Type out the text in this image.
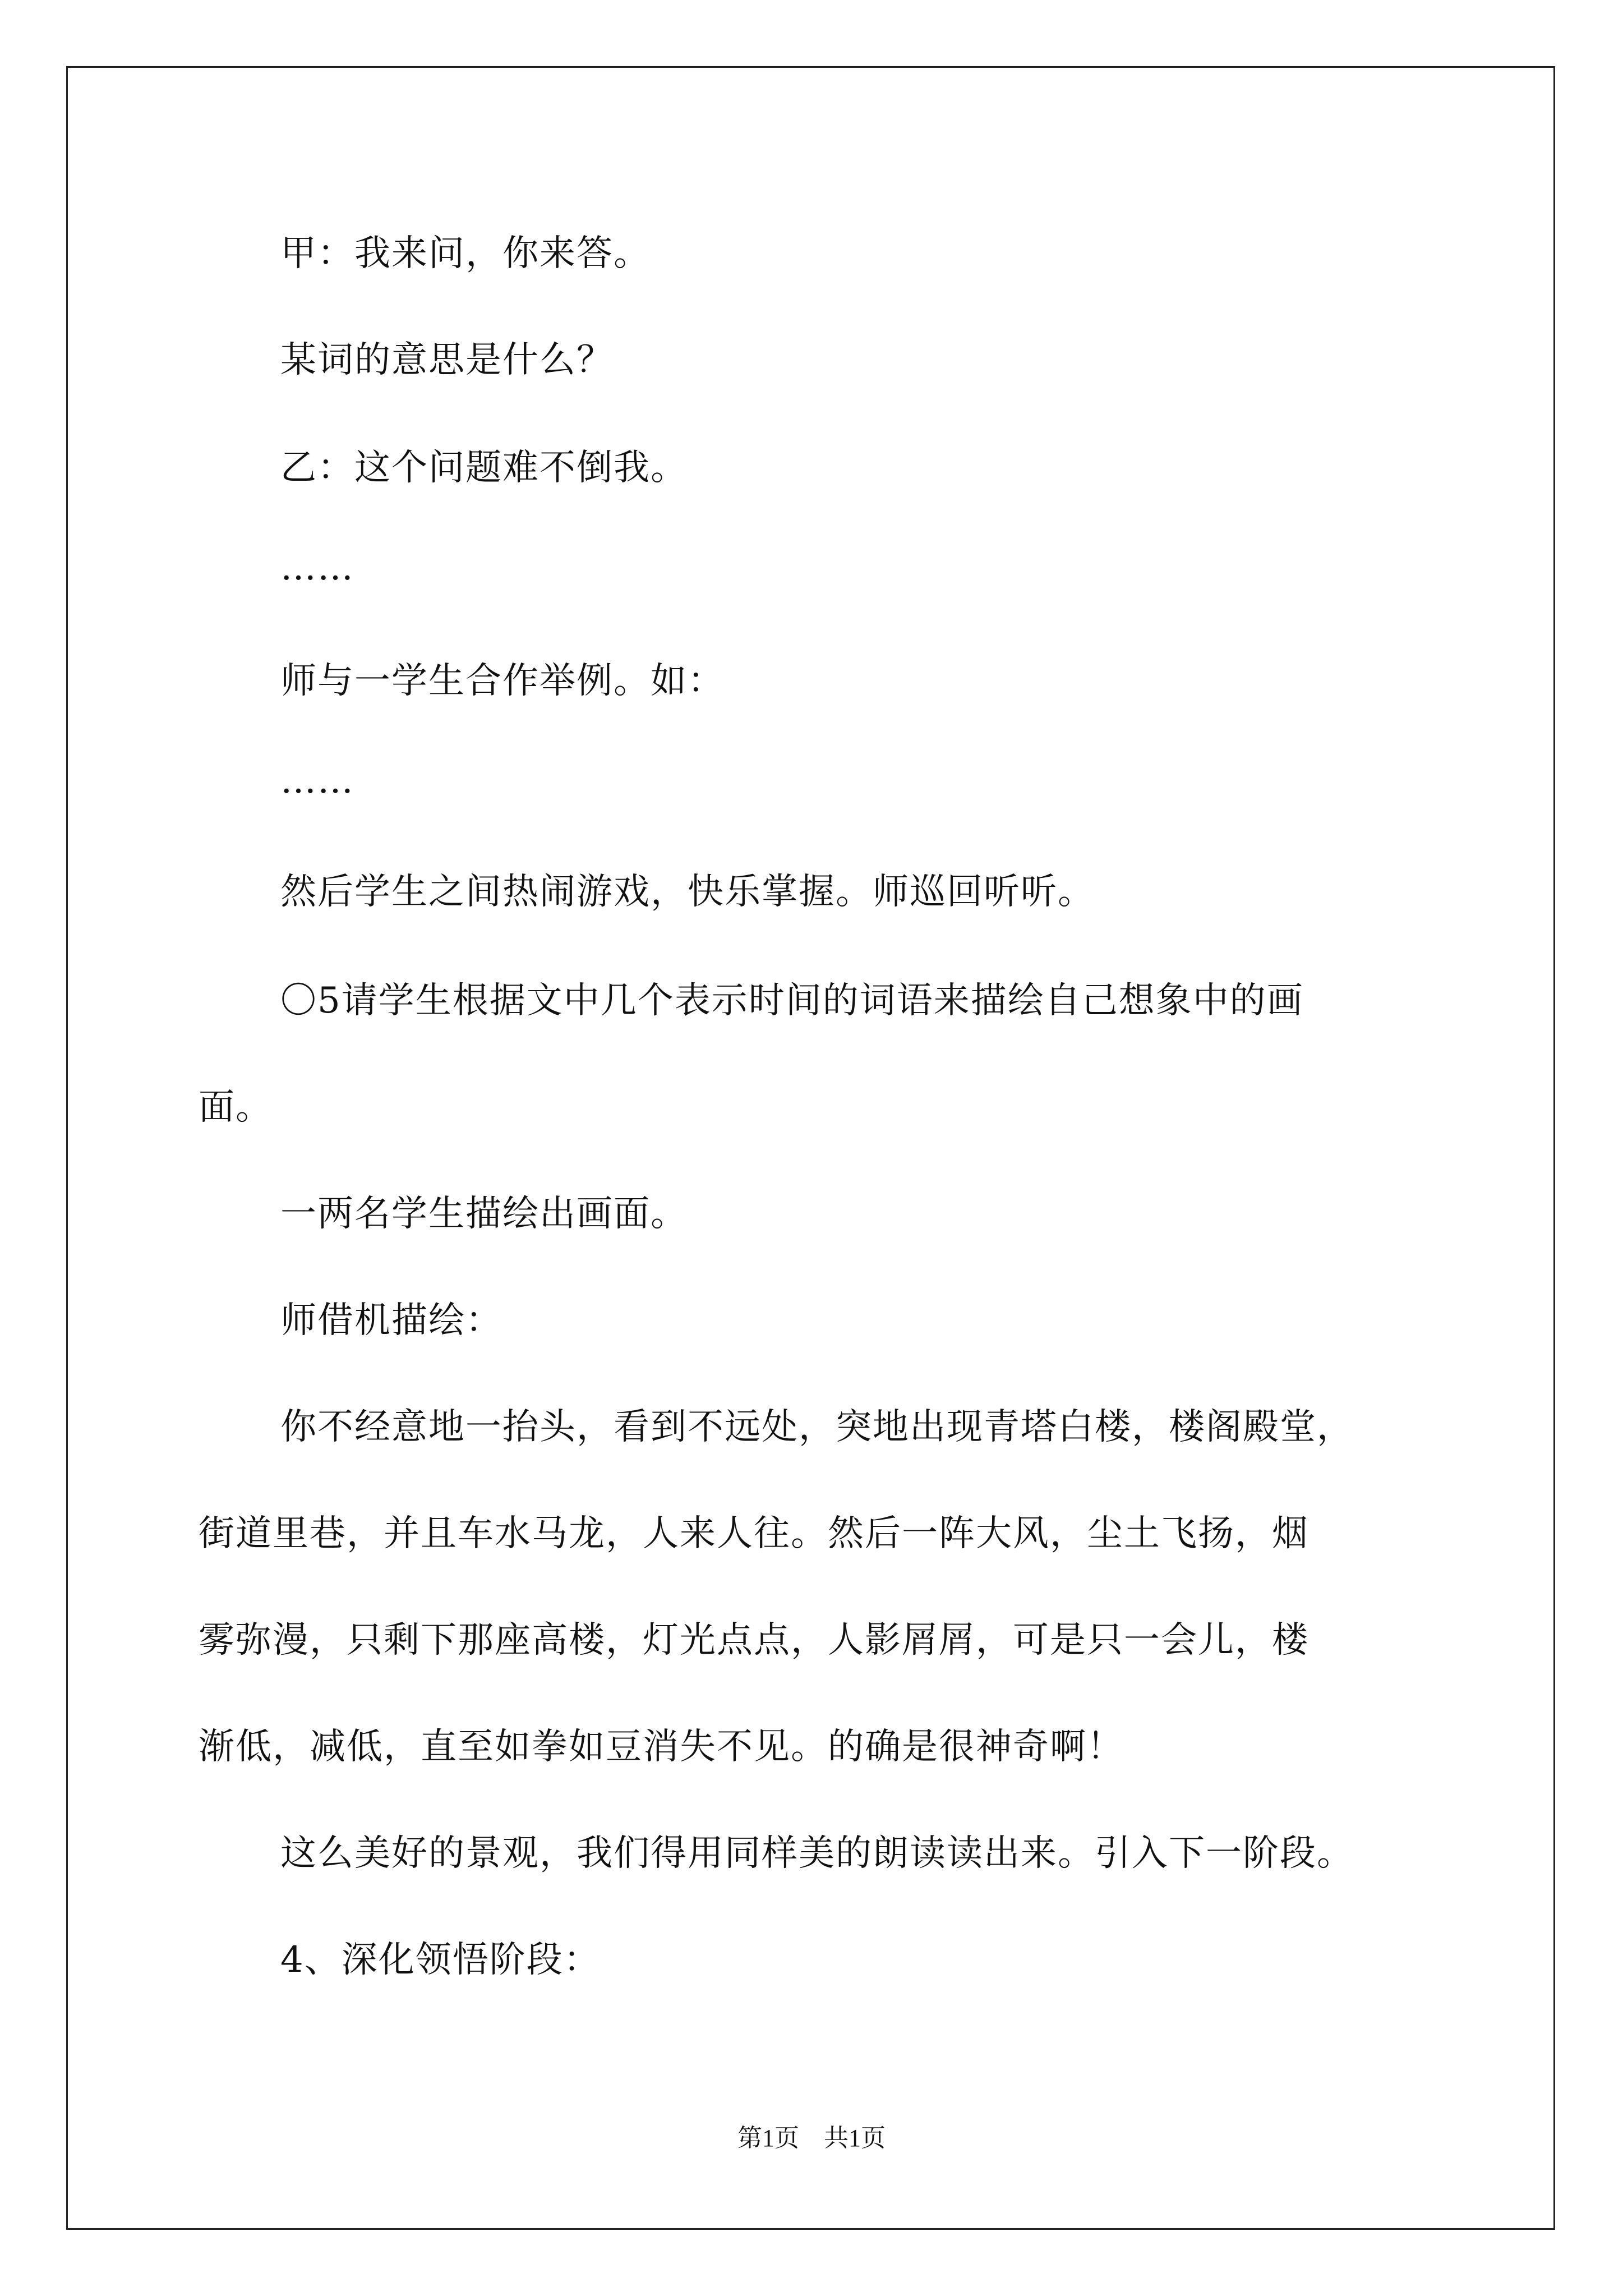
甲：我来问，你来答。
某词的意思是什么？
乙：这个问题难不倒我。
……
师与一学生合作举例。如：
……
然后学生之间热闹游戏，快乐掌握。师巡回听听。
〇5请学生根据文中几个表示时间的词语来描绘自己想象中的画
面。
一两名学生描绘出画面。
师借机描绘：
你不经意地一抬头，看到不远处，突地出现青塔白楼，楼阁殿堂，
街道里巷，并且车水马龙，人来人往。然后一阵大风，尘土飞扬，烟
雾弥漫，只剩下那座高楼，灯光点点，人影屑屑，可是只一会儿，楼
渐低，减低，直至如拳如豆消失不见。的确是很神奇啊！
这么美好的景观，我们得用同样美的朗读读出来。引入下一阶段。
4、深化领悟阶段：
第1页　共1页
